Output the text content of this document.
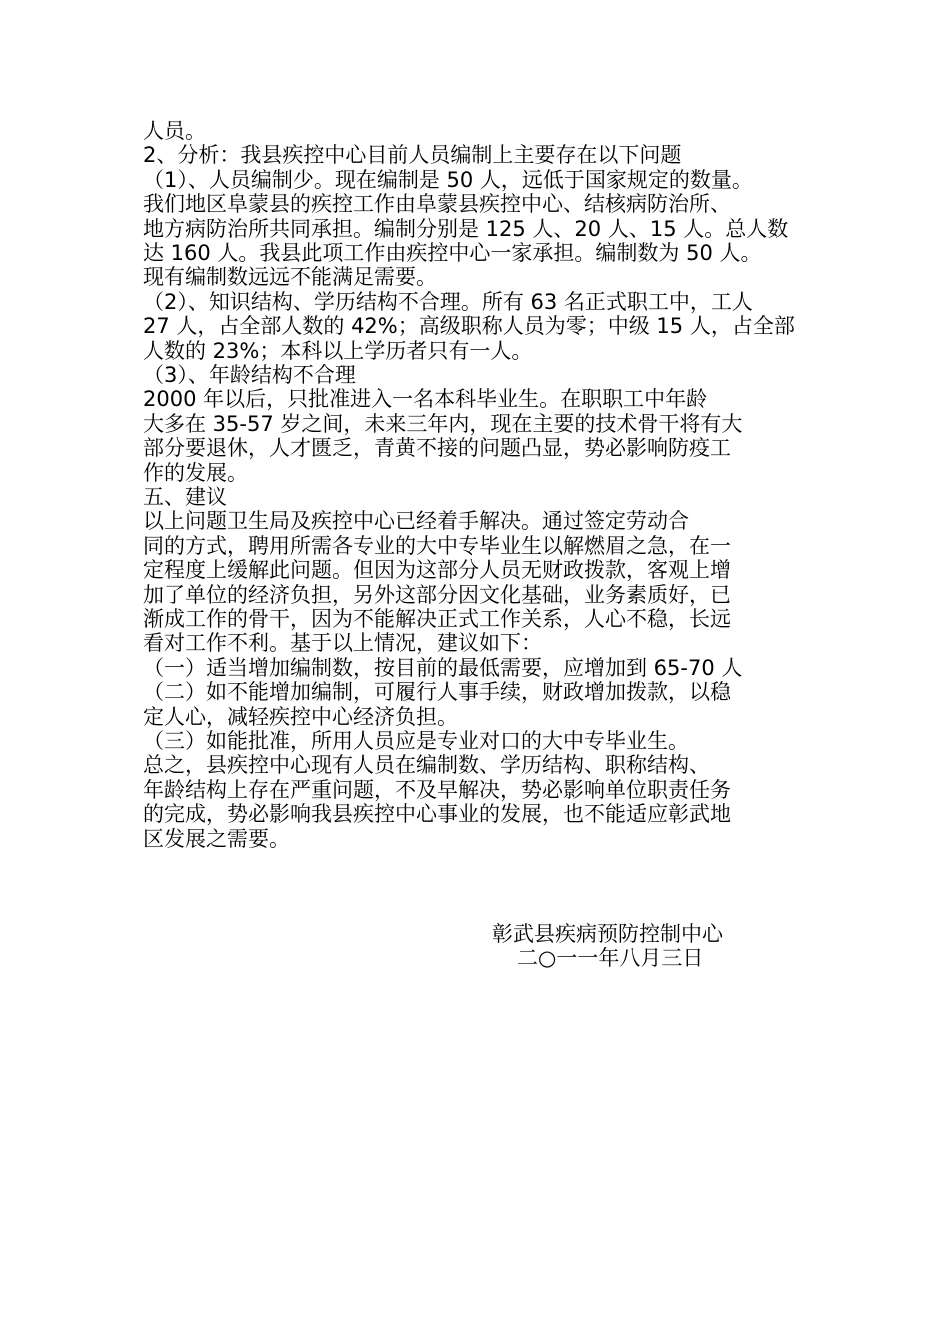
人员。
2、分析：我县疾控中心目前人员编制上主要存在以下问题
（1）、人员编制少。现在编制是 50 人，远低于国家规定的数量。
我们地区阜蒙县的疾控工作由阜蒙县疾控中心、结核病防治所、
地方病防治所共同承担。编制分别是 125 人、20 人、15 人。总人数
达 160 人。我县此项工作由疾控中心一家承担。编制数为 50 人。
现有编制数远远不能满足需要。
（2）、知识结构、学历结构不合理。所有 63 名正式职工中，工人
27 人，占全部人数的 42%；高级职称人员为零；中级 15 人，占全部
人数的 23%；本科以上学历者只有一人。
（3）、年龄结构不合理
2000 年以后，只批准进入一名本科毕业生。在职职工中年龄
大多在 35-57 岁之间，未来三年内，现在主要的技术骨干将有大
部分要退休，人才匮乏，青黄不接的问题凸显，势必影响防疫工
作的发展。
五、建议
以上问题卫生局及疾控中心已经着手解决。通过签定劳动合
同的方式，聘用所需各专业的大中专毕业生以解燃眉之急，在一
定程度上缓解此问题。但因为这部分人员无财政拨款，客观上增
加了单位的经济负担，另外这部分因文化基础，业务素质好，已
渐成工作的骨干，因为不能解决正式工作关系，人心不稳，长远
看对工作不利。基于以上情况，建议如下：
（一）适当增加编制数，按目前的最低需要，应增加到 65-70 人
（二）如不能增加编制，可履行人事手续，财政增加拨款，以稳
定人心，减轻疾控中心经济负担。
（三）如能批准，所用人员应是专业对口的大中专毕业生。
总之，县疾控中心现有人员在编制数、学历结构、职称结构、
年龄结构上存在严重问题，不及早解决，势必影响单位职责任务
的完成，势必影响我县疾控中心事业的发展，也不能适应彰武地
区发展之需要。
彰武县疾病预防控制中心
二○一一年八月三日
